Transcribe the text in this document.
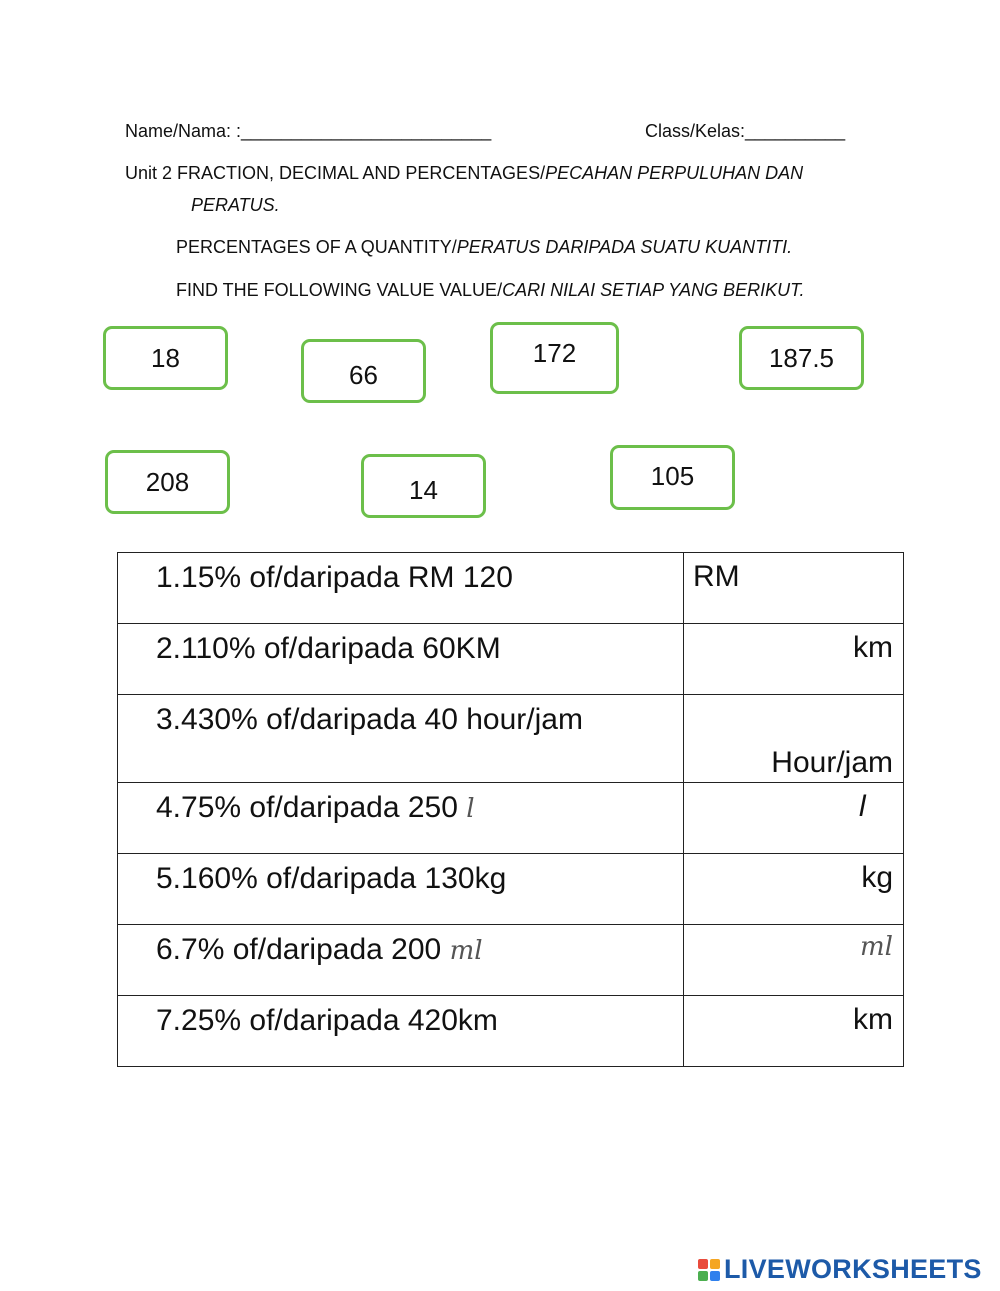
Name/Nama: :_________________________	Class/Kelas:__________
Unit 2 FRACTION, DECIMAL AND PERCENTAGES/PECAHAN PERPULUHAN DAN
PERATUS.
PERCENTAGES OF A QUANTITY/PERATUS DARIPADA SUATU KUANTITI.
FIND THE FOLLOWING VALUE VALUE/CARI NILAI SETIAP YANG BERIKUT.
18
66
172	187.5
208	14	105
1.15% of/daripada RM 120	RM

2.110% of/daripada 60KM	km

3.430% of/daripada 40 hour/jam	Hour/jam

4.75% of/daripada 250 l	l

5.160% of/daripada 130kg	kg

6.7% of/daripada 200 ml	ml

7.25% of/daripada 420km	km
LIVEWORKSHEETS
